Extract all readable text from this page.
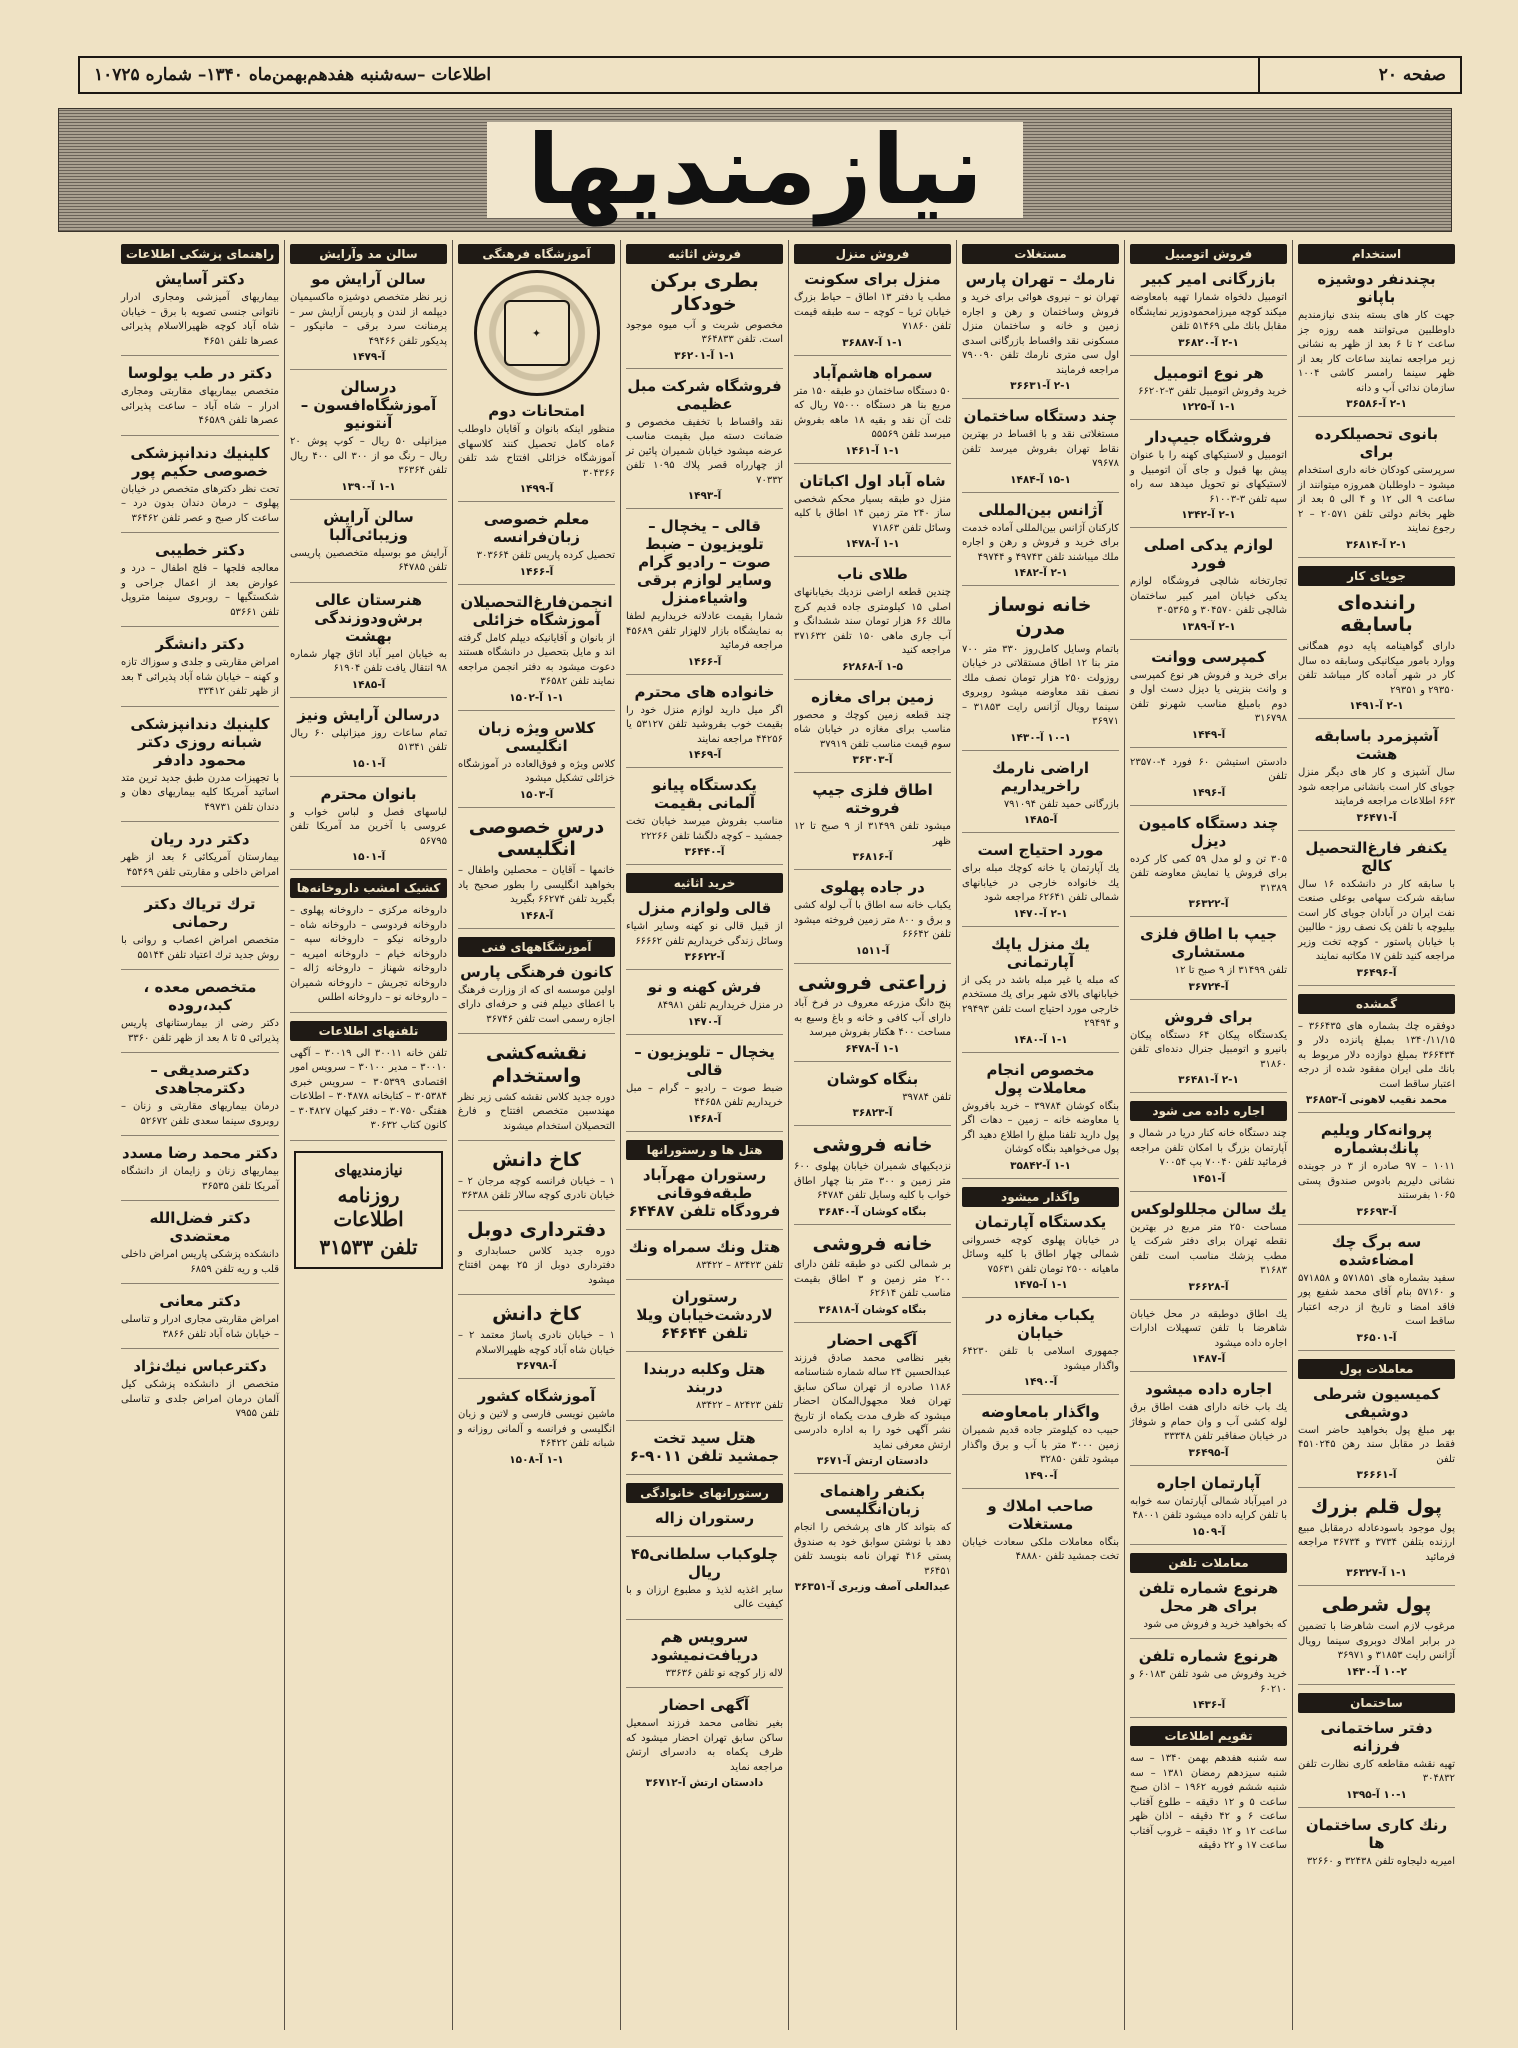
صفحه ۲۰
اطلاعات –سه‌شنبه هفدهم‌بهمن‌ماه ۱۳۴۰– شماره ۱۰۷۲۵
نیازمندیها
استخدام
بچندنفر دوشیزه باپانو
جهت کار های بسته بندی نیازمندیم داوطلبین می‌توانند همه روزه جز ساعت ۲ تا ۶ بعد از ظهر به نشانی زیر مراجعه نمایند ساعات کار بعد از ظهر سینما رامسر کاشی ۱۰۰۴ سازمان ندائی آپ و دانه
۲-۱ آ-۳۶۵۸۶
بانوی تحصیلکرده برای
سرپرستی کودکان خانه داری استخدام میشود – داوطلبان همروزه میتوانند از ساعت ۹ الی ۱۲ و ۴ الی ۵ بعد از ظهر بخانم دولتی تلفن ۲۰۵۷۱ – ۲ رجوع نمایند
۲-۱ آ-۳۶۸۱۴
جویای کار
راننده‌ای باسابقه
دارای گواهینامه پایه دوم همگانی ووارد بامور میکانیکی وسابقه ده سال کار در شهر آماده کار میباشد تلفن ۲۹۳۵۰ و ۲۹۳۵۱
۲-۱ آ-۱۴۹۱
آشپزمرد باسابقه هشت
سال آشپزی و کار های دیگر منزل جویای کار است بانشانی مراجعه شود ۶۶۳ اطلاعات مراجعه فرمایند
آ-۳۶۴۷۱
یکنفر فارغ‌التحصیل کالج
با سابقه کار در دانشکده ۱۶ سال سابقه شرکت سهامی بوعلی صنعت نفت ایران در آبادان جویای کار است بیلیوچه با تلفن یک نصف روز - طالبین با خیابان پاستور - کوچه تخت وزیر مراجعه کنید تلفن ۱۷ مکاتبه نمایند
آ-۳۶۴۹۶
گمشده
دوفقره چك بشماره های ۳۶۶۴۳۵ – ۱۳۴۰/۱۱/۱۵ بمبلغ پانزده دلار و ۳۶۶۴۳۴ بمبلغ دوازده دلار مربوط به بانك ملی ایران مفقود شده از درجه اعتبار ساقط است
محمد نقیب لاهونی آ-۳۶۸۵۳
پروانه‌كار ویلیم پانك‌بشماره
۱۰۱۱ – ۹۷ صادره از ۳ در جوینده نشانی دلیریم بادوس صندوق پستی ۱۰۶۵ بفرستند
آ-۳۶۶۹۳
سه برگ چك امضاءشده
سفید بشماره های ۵۷۱۸۵۱ و ۵۷۱۸۵۸ و ۵۷۱۶۰ بنام آقای محمد شفیع پور فاقد امضا و تاریخ از درجه اعتبار ساقط است
آ-۳۶۵۰۱
معاملات پول
کمیسیون شرطی دوشیفی
بهر مبلغ پول بخواهید حاضر است فقط در مقابل سند رهن ۴۵۱۰۲۴۵ تلفن
آ-۳۶۶۶۱
پول قلم بزرك
پول موجود باسودعادله درمقابل مبیع ارزنده بتلفن ۳۷۳۴ و ۳۶۷۳۴ مراجعه فرمائید
۱-۱ آ-۳۶۳۲۷
پول شرطی
مرغوب لازم است شاهرضا با تضمین در برابر املاك دوبروی سینما رویال آژانس رایت ۳۱۸۵۳ و ۳۶۹۷۱
۱۰-۲ آ-۱۴۳۰
ساختمان
دفتر ساختمانی فرزانه
تهیه نقشه مقاطعه کاری نظارت تلفن ۳۰۴۸۳۲
۱۰-۱ آ-۱۳۹۵
رنك كاری ساختمان ها
امیریه دلیجاوه تلفن ۳۲۴۳۸ و ۳۲۶۶۰
فروش اتومبیل
بازرگانی امیر کبیر
اتومبیل دلخواه شمارا تهیه بامعاوضه میکند کوچه میرزامحمودوزیر نمایشگاه مقابل بانك ملی ۵۱۴۶۹ تلفن
۲-۱ آ-۳۶۸۲۰
هر نوع اتومبیل
خرید وفروش اتومبیل تلفن ۳-۶۶۲۰۲
۱-۱ آ-۱۲۲۵
فروشگاه جیپ‌دار
اتومبیل و لاستیکهای کهنه را با عنوان پیش بها قبول و جای آن اتومبیل و لاستیکهای نو تحویل میدهد سه راه سپه تلفن ۳-۶۱۰۰۳
۲-۱ آ-۱۳۴۲
لوازم یدکی اصلی فورد
تجارتخانه شالچی فروشگاه لوازم یدکی خیابان امیر کبیر ساختمان شالچی تلفن ۳۰۴۵۷۰ و ۳۰۵۳۶۵
۲-۱ آ-۱۳۸۹
کمپرسی ووانت
برای خرید و فروش هر نوع کمپرسی و وانت بنزینی یا دیزل دست اول و دوم بامبلغ مناسب شهرنو تلفن ۳۱۶۷۹۸
آ-۱۴۴۹
دادستن استیشن ۶۰ فورد ۴-۲۳۵۷۰ تلفن
آ-۱۴۹۶
چند دستگاه کامیون دیزل
۳۰۵ تن و لو مدل ۵۹ کمی کار کرده برای فروش یا نمایش معاوضه تلفن ۳۱۳۸۹
آ-۳۶۳۲۲
جیپ با اطاق فلزی مستشاری
تلفن ۳۱۴۹۹ از ۹ صبح تا ۱۲
آ-۳۶۷۲۴
برای فروش
یکدستگاه پیکان ۶۴ دستگاه پیکان بانیرو و اتومبیل جنرال دنده‌ای تلفن ۳۱۸۶۰
۲-۱ آ-۳۶۴۸۱
اجاره داده می شود
چند دستگاه خانه کنار دریا در شمال و آپارتمان بزرگ با امکان تلفن مراجعه فرمائید تلفن ۷۰۰۴۰ بپ ۷۰۰۵۴
آ-۱۴۵۱
یك سالن مجللولوکس
مساحت ۲۵۰ متر مربع در بهترین نقطه تهران برای دفتر شرکت یا مطب پزشك مناسب است تلفن ۳۱۶۸۳
آ-۳۶۶۲۸
یك اطاق دوطبقه در محل خیابان شاهرضا با تلفن تسهیلات ادارات اجاره داده میشود
آ-۱۴۸۷
اجاره داده میشود
یك باب خانه دارای هفت اطاق برق لوله کشی آب و وان حمام و شوفاژ در خیابان صفاقبر تلفن ۳۳۳۴۸
آ-۳۶۴۹۵
آپارتمان اجاره
در امیرآباد شمالی آپارتمان سه خوابه با تلفن کرایه داده میشود تلفن ۴۸۰۰۱
آ-۱۵۰۹
معاملات تلفن
هرنوع شماره تلفن برای هر محل
که بخواهید خرید و فروش می شود
هرنوع شماره تلفن
خرید وفروش می شود تلفن ۶۰۱۸۳ و ۶۰۲۱۰
آ-۱۴۳۶
تقویم اطلاعات
سه شنبه هفدهم بهمن ۱۳۴۰ – سه شنبه سیزدهم رمضان ۱۳۸۱ – سه شنبه ششم فوریه ۱۹۶۲ – اذان صبح ساعت ۵ و ۱۲ دقیقه – طلوع آفتاب ساعت ۶ و ۴۲ دقیقه – اذان ظهر ساعت ۱۲ و ۱۲ دقیقه – غروب آفتاب ساعت ۱۷ و ۲۲ دقیقه
مستغلات
نارمك – تهران پارس
تهران نو – نیروی هوائی برای خرید و فروش وساختمان و رهن و اجاره زمین و خانه و ساختمان منزل مسکونی نقد واقساط بازرگانی اسدی اول سی متری نارمك تلفن ۷۹۰۰۹۰ مراجعه فرمایند
۲-۱ آ-۳۶۶۳۱
چند دستگاه ساختمان
مستغلاتی نقد و با اقساط در بهترین نقاط تهران بفروش میرسد تلفن ۷۹۶۷۸
۱۵-۱ آ-۱۴۸۴
آژانس بین‌المللی
کارکنان آژانس بین‌المللی آماده خدمت برای خرید و فروش و رهن و اجاره ملك میباشند تلفن ۴۹۷۴۳ و ۴۹۷۴۴
۲-۱ آ-۱۴۸۲
خانه نوساز مدرن
باتمام وسایل کامل‌روز ۳۳۰ متر ۷۰۰ متر بنا ۱۲ اطاق مستقلاتی در خیابان روزولت ۲۵۰ هزار تومان نصف ملك نصف نقد معاوضه میشود روبروی سینما رویال آژانس رایت ۳۱۸۵۳ – ۳۶۹۷۱
۱۰-۱ آ-۱۴۳۰
اراضی نارمك راخریداریم
بازرگانی حمید تلفن ۷۹۱۰۹۴
آ-۱۴۸۵
مورد احتیاج است
یك آپارتمان یا خانه کوچك مبله برای یك خانواده خارجی در خیابانهای شمالی تلفن ۶۲۶۴۱ مراجعه شود
۲-۱ آ-۱۴۷۰
یك منزل یاپك آپارتمانی
که مبله یا غیر مبله باشد در یکی از خیابانهای بالای شهر برای یك مستخدم خارجی مورد احتیاج است تلفن ۲۹۴۹۳ و ۲۹۴۹۴
۱-۱ آ-۱۴۸۰
مخصوص انجام معاملات پول
بنگاه کوشان ۳۹۷۸۴ – خرید بافروش یا معاوضه خانه – زمین – دهات اگر پول دارید تلفنا مبلغ را اطلاع دهید اگر پول می‌خواهید بنگاه کوشان
۱-۱ آ-۳۵۸۴۲
واگذار میشود
یکدستگاه آپارتمان
در خیابان پهلوی کوچه خسروانی شمالی چهار اطاق با کلیه وسائل ماهیانه ۲۵۰۰ تومان تلفن ۷۵۶۳۱
۱-۱ آ-۱۴۷۵
یکباب مغازه در خیابان
جمهوری اسلامی با تلفن ۶۴۲۳۰ واگذار میشود
آ-۱۴۹۰
واگذار بامعاوضه
حبیب ده کیلومتر جاده قدیم شمیران زمین ۳۰۰۰ متر با آب و برق واگذار میشود تلفن ۳۲۸۵۰
آ-۱۴۹۰
صاحب املاك و مستغلات
بنگاه معاملات ملکی سعادت خیابان تخت جمشید تلفن ۴۸۸۸۰
فروش منزل
منزل برای سکونت
مطب یا دفتر ۱۳ اطاق – حیاط بزرگ خیابان ثریا – کوچه – سه طبقه قیمت تلفن ۷۱۸۶۰
۱-۱ آ-۳۶۸۸۷
سمراه هاشم‌آباد
۵۰ دستگاه ساختمان دو طبقه ۱۵۰ متر مربع بنا هر دستگاه ۷۵۰۰۰ ریال که ثلث آن نقد و بقیه ۱۸ ماهه بفروش میرسد تلفن ۵۵۵۶۹
۱-۱ آ-۱۴۶۱
شاه آباد اول اکباتان
منزل دو طبقه بسیار محکم شخصی ساز ۲۴۰ متر زمین ۱۴ اطاق با کلیه وسائل تلفن ۷۱۸۶۳
۱-۱ آ-۱۴۷۸
طلای ناب
چندین قطعه اراضی نزدیك بخیابانهای اصلی ۱۵ کیلومتری جاده قدیم کرج مالك ۶۶ هزار تومان سند ششدانگ و آب جاری ماهی ۱۵۰ تلفن ۳۷۱۶۳۲ مراجعه کنید
۱-۵ آ-۶۲۸۶۸
زمین برای مغازه
چند قطعه زمین کوچك و محصور مناسب برای مغازه در خیابان شاه سوم قیمت مناسب تلفن ۳۷۹۱۹
آ-۳۶۳۰۳
اطاق فلزی جیپ فروخته
میشود تلفن ۳۱۴۹۹ از ۹ صبح تا ۱۲ ظهر
آ-۳۶۸۱۶
در جاده پهلوی
یکباب خانه سه اطاق با آب لوله کشی و برق و ۸۰۰ متر زمین فروخته میشود تلفن ۶۶۶۴۲
آ-۱۵۱۱
زراعتی فروشی
پنج دانگ مزرعه معروف در فرخ آباد دارای آب کافی و خانه و باغ وسیع به مساحت ۴۰۰ هکتار بفروش میرسد
۱-۱ آ-۶۴۷۸
بنگاه کوشان
تلفن ۳۹۷۸۴
آ-۳۶۸۲۳
خانه فروشی
نزدیکیهای شمیران خیابان پهلوی ۶۰۰ متر زمین و ۳۰۰ متر بنا چهار اطاق خواب با کلیه وسایل تلفن ۶۴۷۸۴
بنگاه کوشان آ-۳۶۸۴۰
خانه فروشی
بر شمالی لکنی دو طبقه تلفن دارای ۲۰۰ متر زمین و ۳ اطاق بقیمت مناسب تلفن ۶۲۶۱۴
بنگاه کوشان آ-۳۶۸۱۸
آگهی احضار
بغیر نظامی محمد صادق فرزند عبدالحسین ۲۴ ساله شماره شناسنامه ۱۱۸۶ صادره از تهران ساکن سابق تهران فعلا مجهول‌المکان احضار میشود که ظرف مدت یکماه از تاریخ نشر آگهی خود را به اداره دادرسی ارتش معرفی نماید
دادستان ارتش آ-۳۶۷۱
بکنفر راهنمای زبان‌انگلیسی
که بتواند کار های پرشخص را انجام دهد با نوشتن سوابق خود به صندوق پستی ۴۱۶ تهران نامه بنویسد تلفن ۳۶۴۵۱
عبدالعلی آصف وزیری آ-۳۶۳۵۱
فروش اثاثیه
بطری برکن خودکار
مخصوص شربت و آب میوه موجود است. تلفن ۳۶۴۸۳۳
۱-۱ آ-۳۶۲۰۱
فروشگاه شرکت مبل عظیمی
نقد واقساط با تخفیف مخصوص و ضمانت دسته مبل بقیمت مناسب عرضه میشود خیابان شمیران پائین تر از چهارراه قصر پلاك ۱۰۹۵ تلفن ۷۰۳۳۲
آ-۱۴۹۳
قالی – یخچال – تلویزیون – ضبط صوت – رادیو گرام وسایر لوازم برقی واشیاءمنزل
شمارا بقیمت عادلانه خریداریم لطفا به نمایشگاه بازار لالهزار تلفن ۴۵۶۸۹ مراجعه فرمائید
آ-۱۴۶۶
خانواده های محترم
اگر میل دارید لوازم منزل خود را بقیمت خوب بفروشید تلفن ۵۳۱۲۷ یا ۴۴۲۵۶ مراجعه نمایند
آ-۱۴۶۹
یکدستگاه پیانو آلمانی بقیمت
مناسب بفروش میرسد خیابان تخت جمشید – کوچه دلگشا تلفن ۲۲۲۶۶
آ-۳۶۴۴۰
خرید اثاثیه
قالی ولوازم منزل
از قبیل قالی نو کهنه وسایر اشیاء وسائل زندگی خریداریم تلفن ۶۶۶۶۲
آ-۳۶۶۲۲
فرش کهنه و نو
در منزل خریداریم تلفن ۸۴۹۸۱
آ-۱۴۷۰
یخچال – تلویزیون – قالی
ضبط صوت – رادیو – گرام – مبل خریداریم تلفن ۴۴۶۵۸
آ-۱۴۶۸
هتل ها و رستورانها
رستوران مهرآباد طبقه‌فوقانی فرودگاه تلفن ۶۴۴۸۷
هتل ونك سمراه ونك
تلفن ۸۳۴۲۳ – ۸۳۴۲۲
رستوران لاردشت‌خیابان ویلا تلفن ۶۴۶۴۴
هتل وکلبه دربندا دربند
تلفن ۸۲۴۲۳ – ۸۳۴۲۲
هتل سید تخت جمشید تلفن ۹۰۱۱-۶
رستورانهای خانوادگی
رستوران زاله
چلوکباب سلطانی۴۵ ریال
سایر اغذیه لذیذ و مطبوع ارزان و با کیفیت عالی
سرویس هم دریافت‌نمیشود
لاله زار کوچه نو تلفن ۳۳۶۳۶
آگهی احضار
بغیر نظامی محمد فرزند اسمعیل ساکن سابق تهران احضار میشود که ظرف یکماه به دادسرای ارتش مراجعه نماید
دادستان ارتش آ-۳۶۷۱۲
آموزشگاه فرهنگی
✦
امتحانات دوم
منظور اینکه بانوان و آقایان داوطلب ۶ماه کامل تحصیل کنند کلاسهای آموزشگاه خزائلی افتتاح شد تلفن ۳۰۴۳۶۶
آ-۱۴۹۹
معلم خصوصی زبان‌فرانسه
تحصیل کرده پاریس تلفن ۳۰۳۶۶۴
آ-۱۴۶۶
انجمن‌فارغ‌التحصیلان آموزشگاه خزائلی
از بانوان و آقایانیکه دیپلم کامل گرفته اند و مایل بتحصیل در دانشگاه هستند دعوت میشود به دفتر انجمن مراجعه نمایند تلفن ۳۶۵۸۲
۱-۱ آ-۱۵۰۲
کلاس ویژه زبان انگلیسی
کلاس ویژه و فوق‌العاده در آموزشگاه خزائلی تشکیل میشود
آ-۱۵۰۳
درس خصوصی انگلیسی
خانمها – آقایان – محصلین واطفال – بخواهید انگلیسی را بطور صحیح یاد بگیرید تلفن ۶۶۲۷۴ بگیرید
آ-۱۴۶۸
آموزشگاههای فنی
کانون فرهنگی پارس
اولین موسسه ای که از وزارت فرهنگ با اعطای دیپلم فنی و حرفه‌ای دارای اجازه رسمی است تلفن ۳۶۷۴۶
نقشه‌کشی واستخدام
دوره جدید کلاس نقشه کشی زیر نظر مهندسین متخصص افتتاح و فارغ التحصیلان استخدام میشوند
کاخ دانش
۱ – خیابان فرانسه کوچه مرجان ۲ – خیابان نادری کوچه سالار تلفن ۳۶۳۸۸
دفترداری دوبل
دوره جدید کلاس حسابداری و دفترداری دوبل از ۲۵ بهمن افتتاح میشود
کاخ دانش
۱ – خیابان نادری پاساژ معتمد ۲ – خیابان شاه آباد کوچه ظهیرالاسلام
آ-۳۶۷۹۸
آموزشگاه کشور
ماشین نویسی فارسی و لاتین و زبان انگلیسی و فرانسه و آلمانی روزانه و شبانه تلفن ۴۶۴۲۲
۱-۱ آ-۱۵۰۸
سالن مد وآرایش
سالن آرایش مو
زیر نظر متخصص دوشیزه ماکسیمیان دیپلمه از لندن و پاریس آرایش سر – پرمنانت سرد برقی – مانیکور – پدیکور تلفن ۴۹۴۶۶
آ-۱۴۷۹
درسالن آموزشگاه‌افسون – آنتونیو
میزانپلی ۵۰ ریال – کوپ پوش ۲۰ ریال – رنگ مو از ۳۰۰ الی ۴۰۰ ریال تلفن ۳۶۳۶۴
۱-۱ آ-۱۳۹۰
سالن آرایش وزیبائی‌آلبا
آرایش مو بوسیله متخصصین پاریسی تلفن ۶۴۷۸۵
هنرستان عالی برش‌ودوزندگی بهشت
به خیابان امیر آباد اتاق چهار شماره ۹۸ انتقال یافت تلفن ۶۱۹۰۴
آ-۱۴۸۵
درسالن آرایش ونیز
تمام ساعات روز میزانپلی ۶۰ ریال تلفن ۵۱۳۴۱
آ-۱۵۰۱
بانوان محترم
لباسهای فصل و لباس خواب و عروسی با آخرین مد آمریکا تلفن ۵۶۷۹۵
آ-۱۵۰۱
کشیک امشب داروخانه‌ها
داروخانه مرکزی – داروخانه پهلوی – داروخانه فردوسی – داروخانه شاه – داروخانه نیکو – داروخانه سپه – داروخانه خیام – داروخانه امیریه – داروخانه شهناز – داروخانه ژاله – داروخانه تجریش – داروخانه شمیران – داروخانه نو – داروخانه اطلس
تلفنهای اطلاعات
تلفن خانه ۳۰۰۱۱ الی ۳۰۰۱۹ – آگهی ۳۰۰۱۰ – مدیر ۳۰۱۰۰ – سرویس امور اقتصادی ۳۰۵۳۹۹ – سرویس خبری ۳۰۵۳۸۴ – کتابخانه ۳۰۴۸۷۸ – اطلاعات هفتگی ۳۰۷۵۰ – دفتر کیهان ۳۰۴۸۲۷ – کانون کتاب ۳۰۶۳۲
نیازمندیهای
روزنامه اطلاعات
تلفن ۳۱۵۳۳
راهنمای پزشکی اطلاعات
دکتر آسایش
بیماریهای آمیزشی ومجاری ادرار ناتوانی جنسی تصویه با برق – خیابان شاه آباد کوچه ظهیرالاسلام پذیرائی عصرها تلفن ۴۶۵۱
دکتر در طب یولوسا
متخصص بیماریهای مقاربتی ومجاری ادرار – شاه آباد – ساعت پذیرائی عصرها تلفن ۴۶۵۸۹
کلینیك دندانپزشکی خصوصی حکیم پور
تحت نظر دکترهای متخصص در خیابان پهلوی – درمان دندان بدون درد – ساعت کار صبح و عصر تلفن ۳۶۴۶۲
دکتر خطیبی
معالجه فلجها – فلج اطفال – درد و عوارض بعد از اعمال جراحی و شکستگیها – روبروی سینما متروپل تلفن ۵۳۶۶۱
دکتر دانشگر
امراض مقاربتی و جلدی و سوزاك تازه و کهنه – خیابان شاه آباد پذیرائی ۴ بعد از ظهر تلفن ۳۳۴۱۲
کلینیك دندانپزشکی شبانه روزی دکتر محمود دادفر
با تجهیزات مدرن طبق جدید ترین متد اساتید آمریکا کلیه بیماریهای دهان و دندان تلفن ۴۹۷۳۱
دکتر درد ریان
بیمارستان آمریکائی ۶ بعد از ظهر امراض داخلی و مقاربتی تلفن ۴۵۴۶۹
ترك تریاك دکتر رحمانی
متخصص امراض اعصاب و روانی با روش جدید ترك اعتیاد تلفن ۵۵۱۴۴
متخصص معده ، کبد،روده
دکتر رضی از بیمارستانهای پاریس پذیرائی ۵ تا ۸ بعد از ظهر تلفن ۳۳۶۰
دکترصدیقی – دکترمجاهدی
درمان بیماریهای مقاربتی و زنان – روبروی سینما سعدی تلفن ۵۲۶۷۲
دکتر محمد رضا مسدد
بیماریهای زنان و زایمان از دانشگاه آمریکا تلفن ۳۶۵۳۵
دکتر فضل‌الله معتضدی
دانشکده پزشکی پاریس امراض داخلی قلب و ریه تلفن ۶۸۵۹
دکتر معانی
امراض مقاربتی مجاری ادرار و تناسلی – خیابان شاه آباد تلفن ۳۸۶۶
دکترعباس نیك‌نژاد
متخصص از دانشکده پزشکی کیل آلمان درمان امراض جلدی و تناسلی تلفن ۷۹۵۵
